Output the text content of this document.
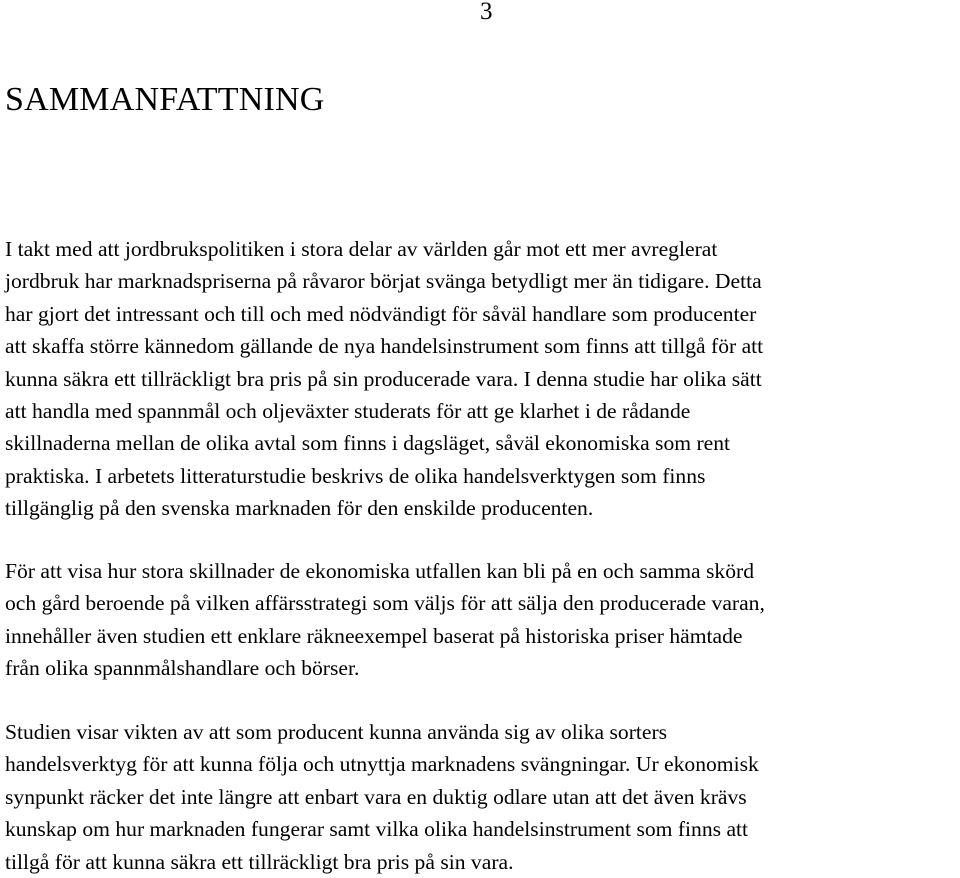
3
SAMMANFATTNING
I takt med att jordbrukspolitiken i stora delar av världen går mot ett mer avreglerat
jordbruk har marknadspriserna på råvaror börjat svänga betydligt mer än tidigare. Detta
har gjort det intressant och till och med nödvändigt för såväl handlare som producenter
att skaffa större kännedom gällande de nya handelsinstrument som finns att tillgå för att
kunna säkra ett tillräckligt bra pris på sin producerade vara. I denna studie har olika sätt
att handla med spannmål och oljeväxter studerats för att ge klarhet i de rådande
skillnaderna mellan de olika avtal som finns i dagsläget, såväl ekonomiska som rent
praktiska. I arbetets litteraturstudie beskrivs de olika handelsverktygen som finns
tillgänglig på den svenska marknaden för den enskilde producenten.
För att visa hur stora skillnader de ekonomiska utfallen kan bli på en och samma skörd
och gård beroende på vilken affärsstrategi som väljs för att sälja den producerade varan,
innehåller även studien ett enklare räkneexempel baserat på historiska priser hämtade
från olika spannmålshandlare och börser.
Studien visar vikten av att som producent kunna använda sig av olika sorters
handelsverktyg för att kunna följa och utnyttja marknadens svängningar. Ur ekonomisk
synpunkt räcker det inte längre att enbart vara en duktig odlare utan att det även krävs
kunskap om hur marknaden fungerar samt vilka olika handelsinstrument som finns att
tillgå för att kunna säkra ett tillräckligt bra pris på sin vara.
